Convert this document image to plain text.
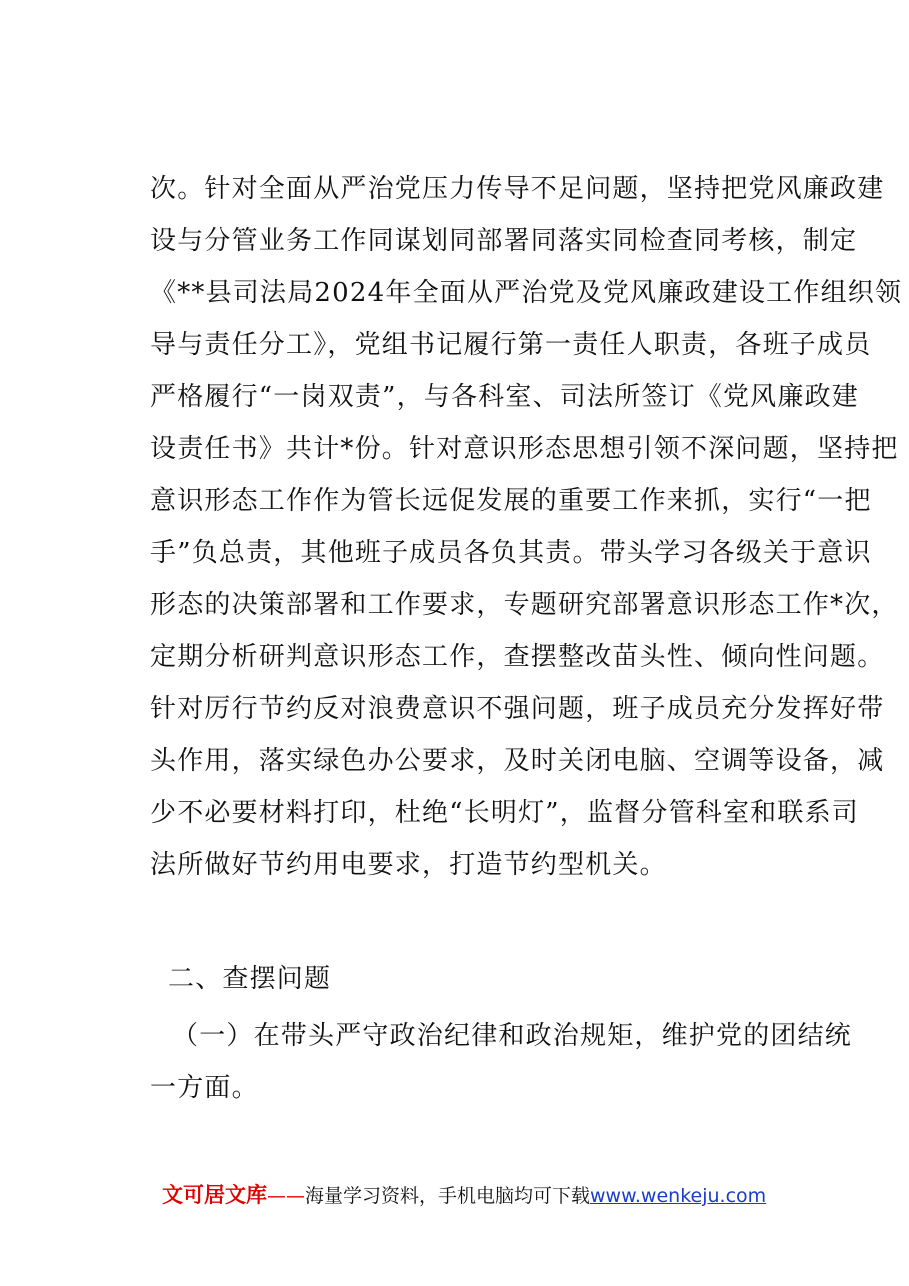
次。针对全面从严治党压力传导不足问题，坚持把党风廉政建
设与分管业务工作同谋划同部署同落实同检查同考核，制定
《**县司法局2024年全面从严治党及党风廉政建设工作组织领
导与责任分工》，党组书记履行第一责任人职责，各班子成员
严格履行“一岗双责”，与各科室、司法所签订《党风廉政建
设责任书》共计*份。针对意识形态思想引领不深问题，坚持把
意识形态工作作为管长远促发展的重要工作来抓，实行“一把
手”负总责，其他班子成员各负其责。带头学习各级关于意识
形态的决策部署和工作要求，专题研究部署意识形态工作*次，
定期分析研判意识形态工作，查摆整改苗头性、倾向性问题。
针对厉行节约反对浪费意识不强问题，班子成员充分发挥好带
头作用，落实绿色办公要求，及时关闭电脑、空调等设备，减
少不必要材料打印，杜绝“长明灯”，监督分管科室和联系司
法所做好节约用电要求，打造节约型机关。
二、查摆问题
（一）在带头严守政治纪律和政治规矩，维护党的团结统
一方面。
文可居文库——海量学习资料，手机电脑均可下载www.wenkeju.com
